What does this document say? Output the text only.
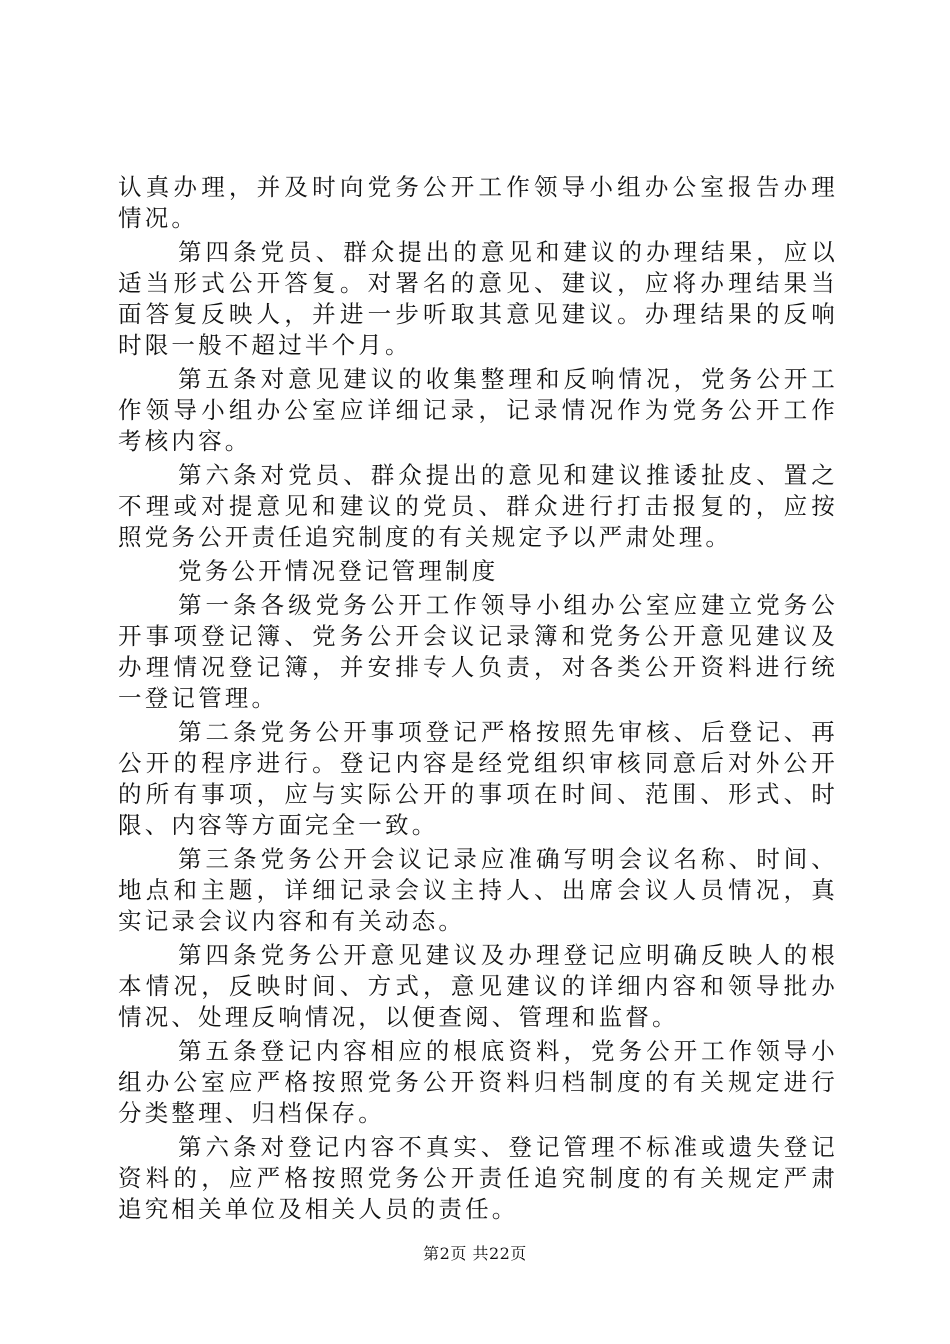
认真办理，并及时向党务公开工作领导小组办公室报告办理情况。

第四条党员、群众提出的意见和建议的办理结果，应以适当形式公开答复。对署名的意见、建议，应将办理结果当面答复反映人，并进一步听取其意见建议。办理结果的反响时限一般不超过半个月。

第五条对意见建议的收集整理和反响情况，党务公开工作领导小组办公室应详细记录，记录情况作为党务公开工作考核内容。

第六条对党员、群众提出的意见和建议推诿扯皮、置之不理或对提意见和建议的党员、群众进行打击报复的，应按照党务公开责任追究制度的有关规定予以严肃处理。

党务公开情况登记管理制度

第一条各级党务公开工作领导小组办公室应建立党务公开事项登记簿、党务公开会议记录簿和党务公开意见建议及办理情况登记簿，并安排专人负责，对各类公开资料进行统一登记管理。

第二条党务公开事项登记严格按照先审核、后登记、再公开的程序进行。登记内容是经党组织审核同意后对外公开的所有事项，应与实际公开的事项在时间、范围、形式、时限、内容等方面完全一致。

第三条党务公开会议记录应准确写明会议名称、时间、地点和主题，详细记录会议主持人、出席会议人员情况，真实记录会议内容和有关动态。

第四条党务公开意见建议及办理登记应明确反映人的根本情况，反映时间、方式，意见建议的详细内容和领导批办情况、处理反响情况，以便查阅、管理和监督。

第五条登记内容相应的根底资料，党务公开工作领导小组办公室应严格按照党务公开资料归档制度的有关规定进行分类整理、归档保存。

第六条对登记内容不真实、登记管理不标准或遗失登记资料的，应严格按照党务公开责任追究制度的有关规定严肃追究相关单位及相关人员的责任。

第2页 共22页
